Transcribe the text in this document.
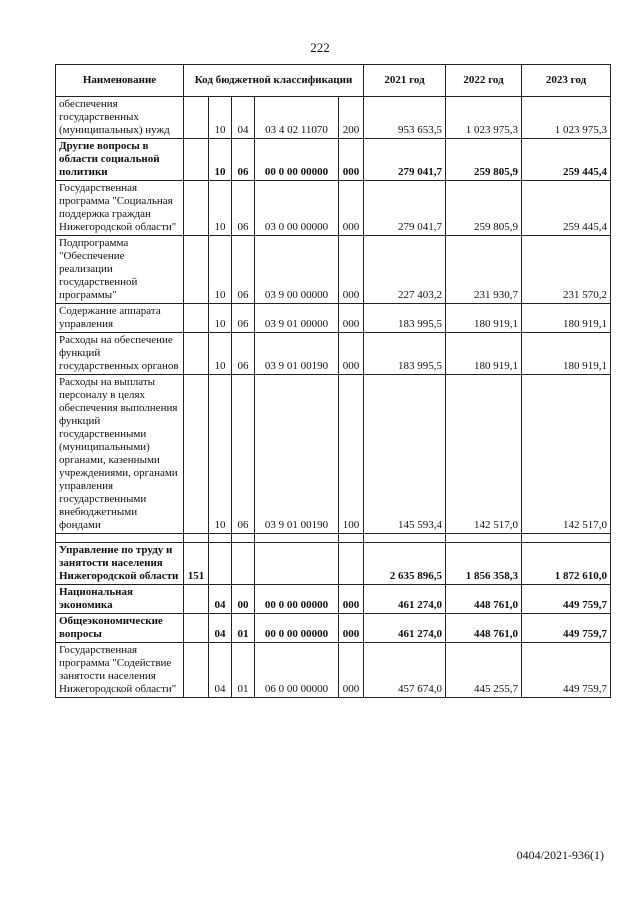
222
Наименование	Код бюджетной классификации					2021 год	2022 год	2023 год
обеспечения государственных (муниципальных) нужд		10	04	03 4 02 11070	200	953 653,5	1 023 975,3	1 023 975,3
Другие вопросы в области социальной политики		10	06	00 0 00 00000	000	279 041,7	259 805,9	259 445,4
Государственная программа "Социальная поддержка граждан Нижегородской области"		10	06	03 0 00 00000	000	279 041,7	259 805,9	259 445,4
Подпрограмма "Обеспечение реализации государственной программы"		10	06	03 9 00 00000	000	227 403,2	231 930,7	231 570,2
Содержание аппарата управления		10	06	03 9 01 00000	000	183 995,5	180 919,1	180 919,1
Расходы на обеспечение функций государственных органов		10	06	03 9 01 00190	000	183 995,5	180 919,1	180 919,1
Расходы на выплаты персоналу в целях обеспечения выполнения функций государственными (муниципальными) органами, казенными учреждениями, органами управления государственными внебюджетными фондами		10	06	03 9 01 00190	100	145 593,4	142 517,0	142 517,0

Управление по труду и занятости населения Нижегородской области	151					2 635 896,5	1 856 358,3	1 872 610,0
Национальная экономика		04	00	00 0 00 00000	000	461 274,0	448 761,0	449 759,7
Общеэкономические вопросы		04	01	00 0 00 00000	000	461 274,0	448 761,0	449 759,7
Государственная программа "Содействие занятости населения Нижегородской области"		04	01	06 0 00 00000	000	457 674,0	445 255,7	449 759,7
0404/2021-936(1)
